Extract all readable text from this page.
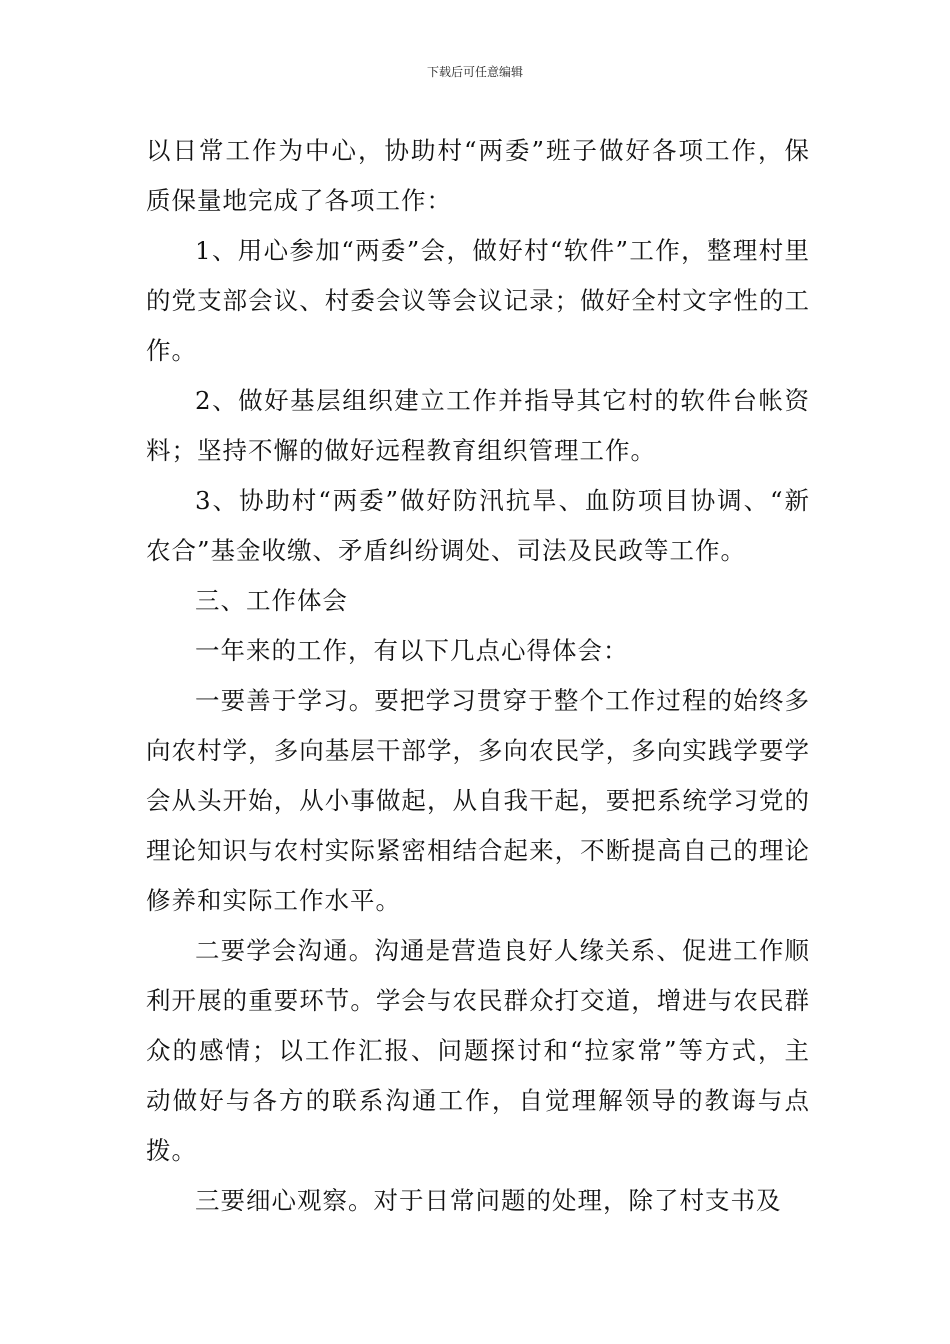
下载后可任意编辑

以日常工作为中心，协助村“两委”班子做好各项工作，保质保量地完成了各项工作：

1、用心参加“两委”会，做好村“软件”工作，整理村里的党支部会议、村委会议等会议记录；做好全村文字性的工作。

2、做好基层组织建立工作并指导其它村的软件台帐资料；坚持不懈的做好远程教育组织管理工作。

3、协助村“两委”做好防汛抗旱、血防项目协调、“新农合”基金收缴、矛盾纠纷调处、司法及民政等工作。

三、工作体会

一年来的工作，有以下几点心得体会：

一要善于学习。要把学习贯穿于整个工作过程的始终多向农村学，多向基层干部学，多向农民学，多向实践学要学会从头开始，从小事做起，从自我干起，要把系统学习党的理论知识与农村实际紧密相结合起来，不断提高自己的理论修养和实际工作水平。

二要学会沟通。沟通是营造良好人缘关系、促进工作顺利开展的重要环节。学会与农民群众打交道，增进与农民群众的感情；以工作汇报、问题探讨和“拉家常”等方式，主动做好与各方的联系沟通工作，自觉理解领导的教诲与点拨。

三要细心观察。对于日常问题的处理，除了村支书及
